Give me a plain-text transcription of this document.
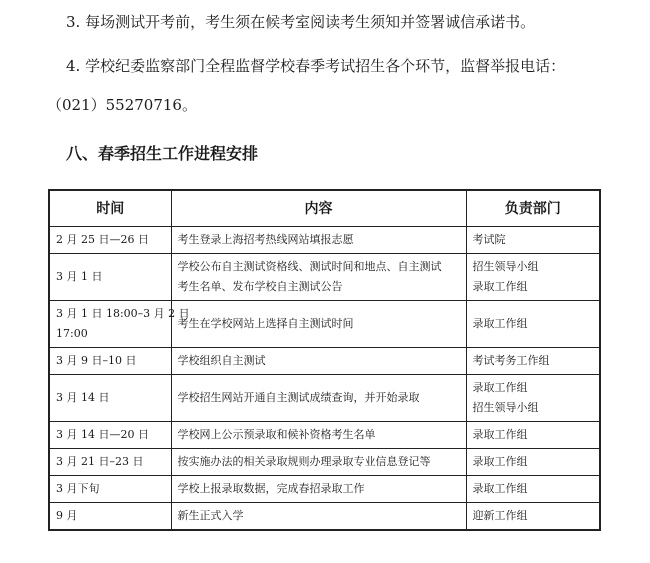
3. 每场测试开考前，考生须在候考室阅读考生须知并签署诚信承诺书。
4. 学校纪委监察部门全程监督学校春季考试招生各个环节，监督举报电话：
（021）55270716。
八、春季招生工作进程安排
时间	内容	负责部门

2 月 25 日—26 日	考生登录上海招考热线网站填报志愿	考试院

3 月 1 日	学校公布自主测试资格线、测试时间和地点、自主测试
考生名单、发布学校自主测试公告	招生领导小组
录取工作组

3 月 1 日 18:00–3 月 2 日
17:00	考生在学校网站上选择自主测试时间	录取工作组

3 月 9 日–10 日	学校组织自主测试	考试考务工作组

3 月 14 日	学校招生网站开通自主测试成绩查询，并开始录取	录取工作组
招生领导小组

3 月 14 日—20 日	学校网上公示预录取和候补资格考生名单	录取工作组

3 月 21 日–23 日	按实施办法的相关录取规则办理录取专业信息登记等	录取工作组

3 月下旬	学校上报录取数据，完成春招录取工作	录取工作组

9 月	新生正式入学	迎新工作组
